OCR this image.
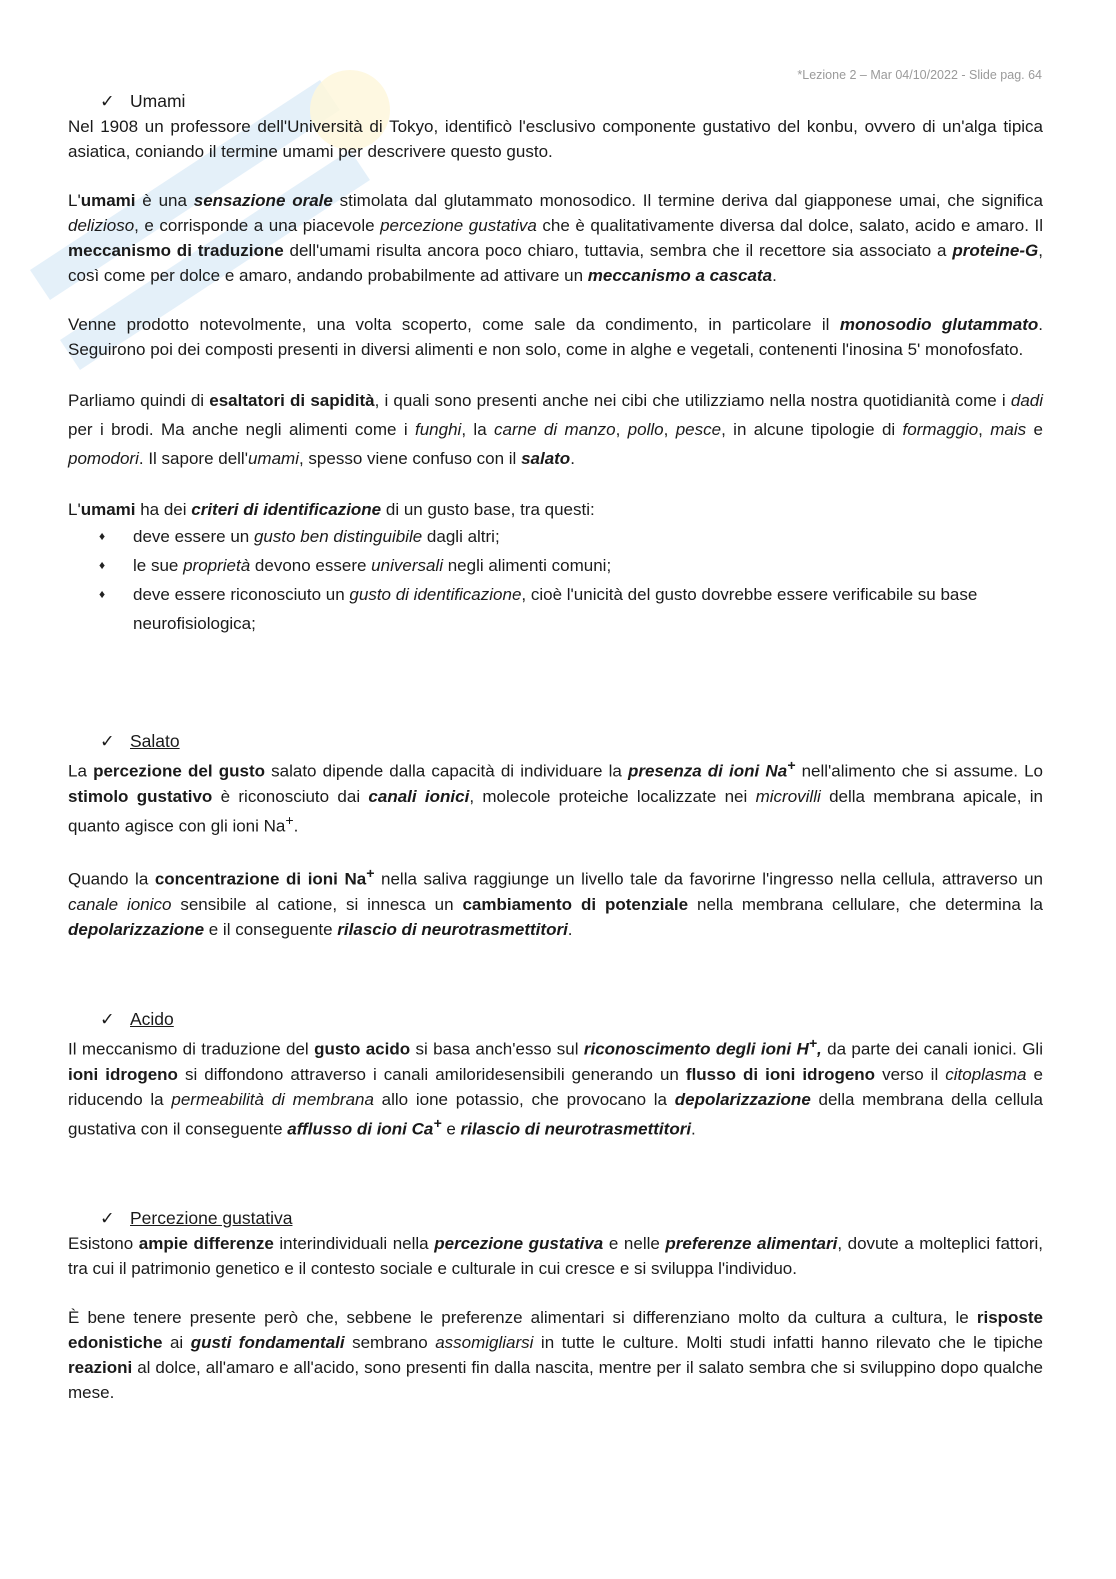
*Lezione 2 – Mar 04/10/2022 - Slide pag. 64
✓ Umami

Nel 1908 un professore dell'Università di Tokyo, identificò l'esclusivo componente gustativo del konbu, ovvero di un'alga tipica asiatica, coniando il termine umami per descrivere questo gusto.

L'umami è una sensazione orale stimolata dal glutammato monosodico. Il termine deriva dal giapponese umai, che significa delizioso, e corrisponde a una piacevole percezione gustativa che è qualitativamente diversa dal dolce, salato, acido e amaro. Il meccanismo di traduzione dell'umami risulta ancora poco chiaro, tuttavia, sembra che il recettore sia associato a proteine-G, così come per dolce e amaro, andando probabilmente ad attivare un meccanismo a cascata.

Venne prodotto notevolmente, una volta scoperto, come sale da condimento, in particolare il monosodio glutammato. Seguirono poi dei composti presenti in diversi alimenti e non solo, come in alghe e vegetali, contenenti l'inosina 5' monofosfato.

Parliamo quindi di esaltatori di sapidità, i quali sono presenti anche nei cibi che utilizziamo nella nostra quotidianità come i dadi per i brodi. Ma anche negli alimenti come i funghi, la carne di manzo, pollo, pesce, in alcune tipologie di formaggio, mais e pomodori. Il sapore dell'umami, spesso viene confuso con il salato.

L'umami ha dei criteri di identificazione di un gusto base, tra questi:

♦ deve essere un gusto ben distinguibile dagli altri;
♦ le sue proprietà devono essere universali negli alimenti comuni;
♦ deve essere riconosciuto un gusto di identificazione, cioè l'unicità del gusto dovrebbe essere verificabile su base neurofisiologica;
✓ Salato

La percezione del gusto salato dipende dalla capacità di individuare la presenza di ioni Na+ nell'alimento che si assume. Lo stimolo gustativo è riconosciuto dai canali ionici, molecole proteiche localizzate nei microvilli della membrana apicale, in quanto agisce con gli ioni Na+.

Quando la concentrazione di ioni Na+ nella saliva raggiunge un livello tale da favorirne l'ingresso nella cellula, attraverso un canale ionico sensibile al catione, si innesca un cambiamento di potenziale nella membrana cellulare, che determina la depolarizzazione e il conseguente rilascio di neurotrasmettitori.

✓ Acido

Il meccanismo di traduzione del gusto acido si basa anch'esso sul riconoscimento degli ioni H+, da parte dei canali ionici. Gli ioni idrogeno si diffondono attraverso i canali amiloridesensibili generando un flusso di ioni idrogeno verso il citoplasma e riducendo la permeabilità di membrana allo ione potassio, che provocano la depolarizzazione della membrana della cellula gustativa con il conseguente afflusso di ioni Ca+ e rilascio di neurotrasmettitori.

✓ Percezione gustativa

Esistono ampie differenze interindividuali nella percezione gustativa e nelle preferenze alimentari, dovute a molteplici fattori, tra cui il patrimonio genetico e il contesto sociale e culturale in cui cresce e si sviluppa l'individuo.

È bene tenere presente però che, sebbene le preferenze alimentari si differenziano molto da cultura a cultura, le risposte edonistiche ai gusti fondamentali sembrano assomigliarsi in tutte le culture. Molti studi infatti hanno rilevato che le tipiche reazioni al dolce, all'amaro e all'acido, sono presenti fin dalla nascita, mentre per il salato sembra che si sviluppino dopo qualche mese.
